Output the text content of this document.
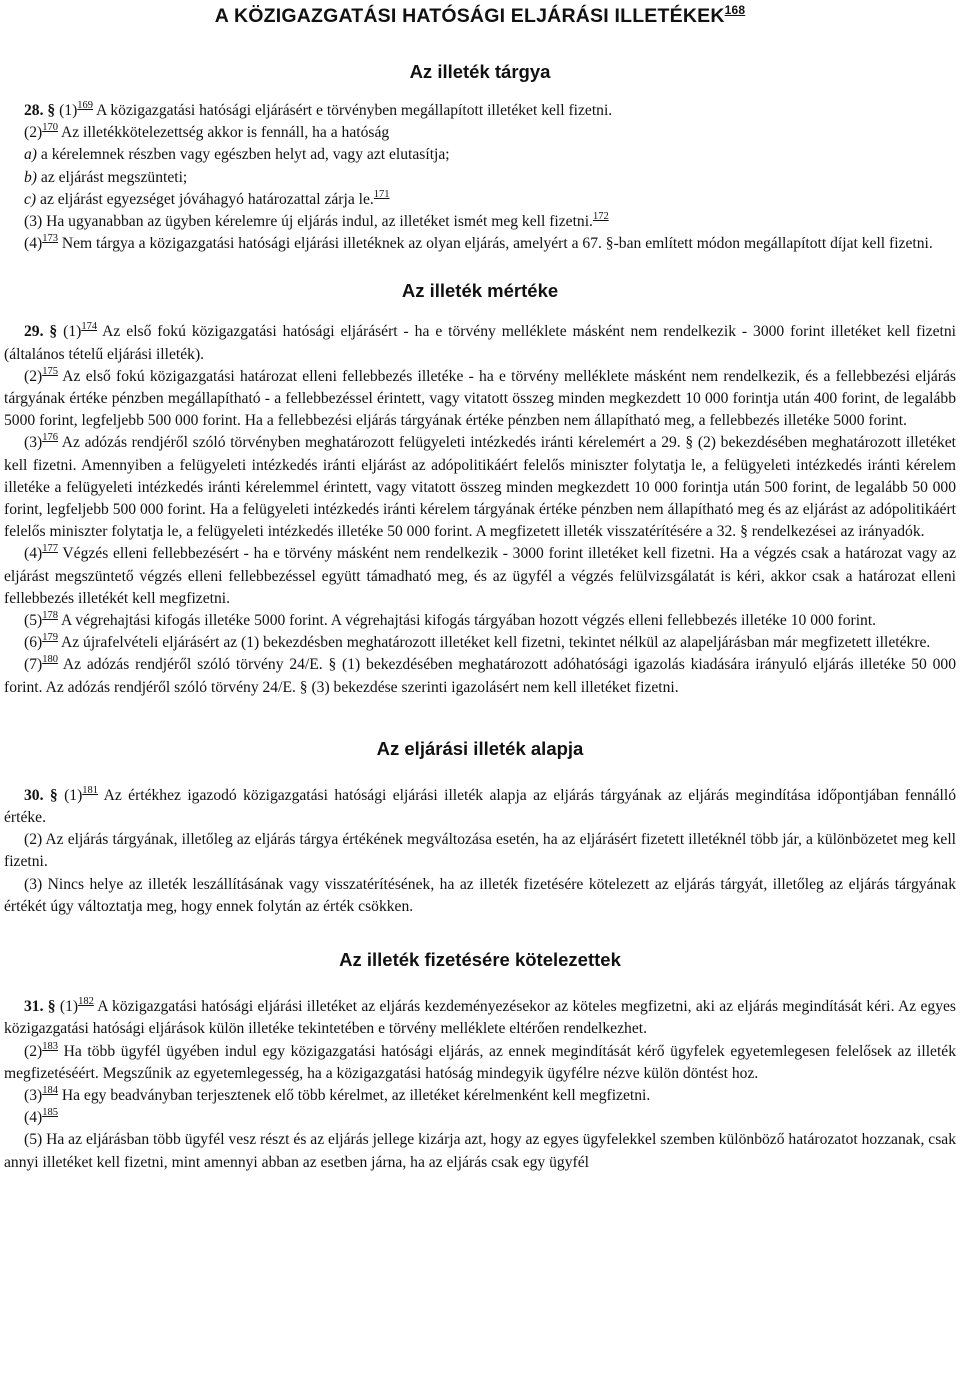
A KÖZIGAZGATÁSI HATÓSÁGI ELJÁRÁSI ILLETÉKEK$^{168}$
Az illeték tárgya

28. § (1)$^{169}$ A közigazgatási hatósági eljárásért e törvényben megállapított illetéket kell fizetni.

(2)$^{170}$ Az illetékkötelezettség akkor is fennáll, ha a hatóság

a) a kérelemnek részben vagy egészben helyt ad, vagy azt elutasítja;

b) az eljárást megszünteti;

c) az eljárást egyezséget jóváhagyó határozattal zárja le.$^{171}$

(3) Ha ugyanabban az ügyben kérelemre új eljárás indul, az illetéket ismét meg kell fizetni.$^{172}$

(4)$^{173}$ Nem tárgya a közigazgatási hatósági eljárási illetéknek az olyan eljárás, amelyért a 67. §-ban említett módon megállapított díjat kell fizetni.

Az illeték mértéke

29. § (1)$^{174}$ Az első fokú közigazgatási hatósági eljárásért - ha e törvény melléklete másként nem rendelkezik - 3000 forint illetéket kell fizetni (általános tételű eljárási illeték).

(2)$^{175}$ Az első fokú közigazgatási határozat elleni fellebbezés illetéke - ha e törvény melléklete másként nem rendelkezik, és a fellebbezési eljárás tárgyának értéke pénzben megállapítható - a fellebbezéssel érintett, vagy vitatott összeg minden megkezdett 10 000 forintja után 400 forint, de legalább 5000 forint, legfeljebb 500 000 forint. Ha a fellebbezési eljárás tárgyának értéke pénzben nem állapítható meg, a fellebbezés illetéke 5000 forint.

(3)$^{176}$ Az adózás rendjéről szóló törvényben meghatározott felügyeleti intézkedés iránti kérelemért a 29. § (2) bekezdésében meghatározott illetéket kell fizetni. Amennyiben a felügyeleti intézkedés iránti eljárást az adópolitikáért felelős miniszter folytatja le, a felügyeleti intézkedés iránti kérelem illetéke a felügyeleti intézkedés iránti kérelemmel érintett, vagy vitatott összeg minden megkezdett 10 000 forintja után 500 forint, de legalább 50 000 forint, legfeljebb 500 000 forint. Ha a felügyeleti intézkedés iránti kérelem tárgyának értéke pénzben nem állapítható meg és az eljárást az adópolitikáért felelős miniszter folytatja le, a felügyeleti intézkedés illetéke 50 000 forint. A megfizetett illeték visszatérítésére a 32. § rendelkezései az irányadók.

(4)$^{177}$ Végzés elleni fellebbezésért - ha e törvény másként nem rendelkezik - 3000 forint illetéket kell fizetni. Ha a végzés csak a határozat vagy az eljárást megszüntető végzés elleni fellebbezéssel együtt támadható meg, és az ügyfél a végzés felülvizsgálatát is kéri, akkor csak a határozat elleni fellebbezés illetékét kell megfizetni.

(5)$^{178}$ A végrehajtási kifogás illetéke 5000 forint. A végrehajtási kifogás tárgyában hozott végzés elleni fellebbezés illetéke 10 000 forint.

(6)$^{179}$ Az újrafelvételi eljárásért az (1) bekezdésben meghatározott illetéket kell fizetni, tekintet nélkül az alapeljárásban már megfizetett illetékre.

(7)$^{180}$ Az adózás rendjéről szóló törvény 24/E. § (1) bekezdésében meghatározott adóhatósági igazolás kiadására irányuló eljárás illetéke 50 000 forint. Az adózás rendjéről szóló törvény 24/E. § (3) bekezdése szerinti igazolásért nem kell illetéket fizetni.

Az eljárási illeték alapja

30. § (1)$^{181}$ Az értékhez igazodó közigazgatási hatósági eljárási illeték alapja az eljárás tárgyának az eljárás megindítása időpontjában fennálló értéke.

(2) Az eljárás tárgyának, illetőleg az eljárás tárgya értékének megváltozása esetén, ha az eljárásért fizetett illetéknél több jár, a különbözetet meg kell fizetni.

(3) Nincs helye az illeték leszállításának vagy visszatérítésének, ha az illeték fizetésére kötelezett az eljárás tárgyát, illetőleg az eljárás tárgyának értékét úgy változtatja meg, hogy ennek folytán az érték csökken.

Az illeték fizetésére kötelezettek

31. § (1)$^{182}$ A közigazgatási hatósági eljárási illetéket az eljárás kezdeményezésekor az köteles megfizetni, aki az eljárás megindítását kéri. Az egyes közigazgatási hatósági eljárások külön illetéke tekintetében e törvény melléklete eltérően rendelkezhet.

(2)$^{183}$ Ha több ügyfél ügyében indul egy közigazgatási hatósági eljárás, az ennek megindítását kérő ügyfelek egyetemlegesen felelősek az illeték megfizetéséért. Megszűnik az egyetemlegesség, ha a közigazgatási hatóság mindegyik ügyfélre nézve külön döntést hoz.

(3)$^{184}$ Ha egy beadványban terjesztenek elő több kérelmet, az illetéket kérelmenként kell megfizetni.

(4)$^{185}$

(5) Ha az eljárásban több ügyfél vesz részt és az eljárás jellege kizárja azt, hogy az egyes ügyfelekkel szemben különböző határozatot hozzanak, csak annyi illetéket kell fizetni, mint amennyi abban az esetben járna, ha az eljárás csak egy ügyfél
